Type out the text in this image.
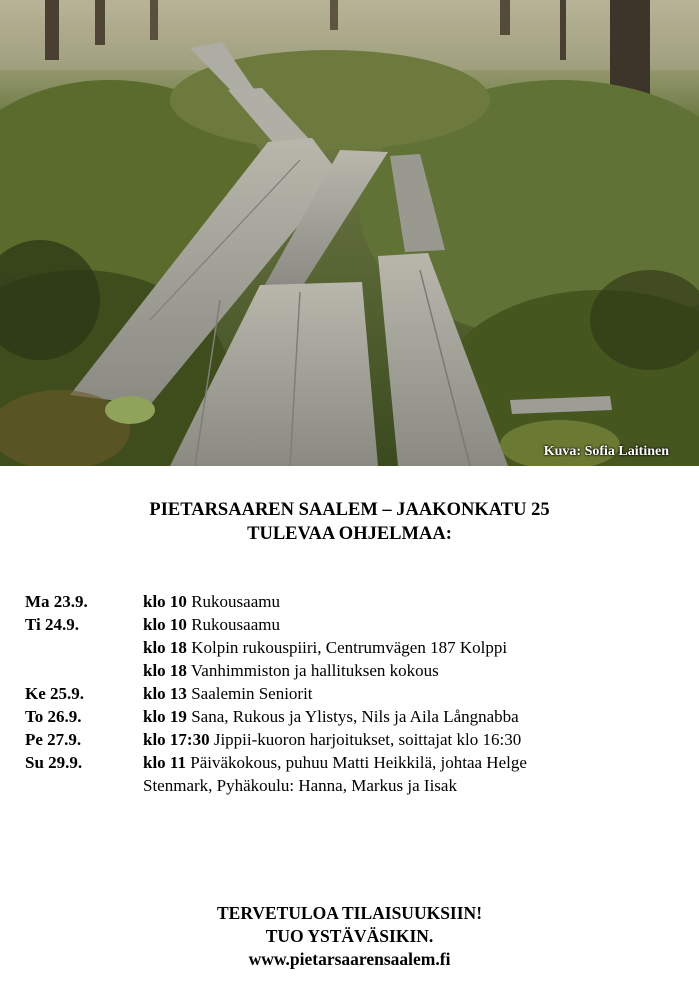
Kuva: Sofia Laitinen
PIETARSAAREN SAALEM – JAAKONKATU 25
TULEVAA OHJELMAA:
Ma 23.9.	klo 10 Rukousaamu
Ti 24.9.	klo 10 Rukousaamu
klo 18 Kolpin rukouspiiri, Centrumvägen 187 Kolppi
klo 18 Vanhimmiston ja hallituksen kokous
Ke 25.9.	klo 13 Saalemin Seniorit
To 26.9.	klo 19 Sana, Rukous ja Ylistys, Nils ja Aila Långnabba
Pe 27.9.	klo 17:30 Jippii-kuoron harjoitukset, soittajat klo 16:30
Su 29.9.	klo 11 Päiväkokous, puhuu Matti Heikkilä, johtaa Helge
Stenmark, Pyhäkoulu: Hanna, Markus ja Iisak
TERVETULOA TILAISUUKSIIN!
TUO YSTÄVÄSIKIN.
www.pietarsaarensaalem.fi
